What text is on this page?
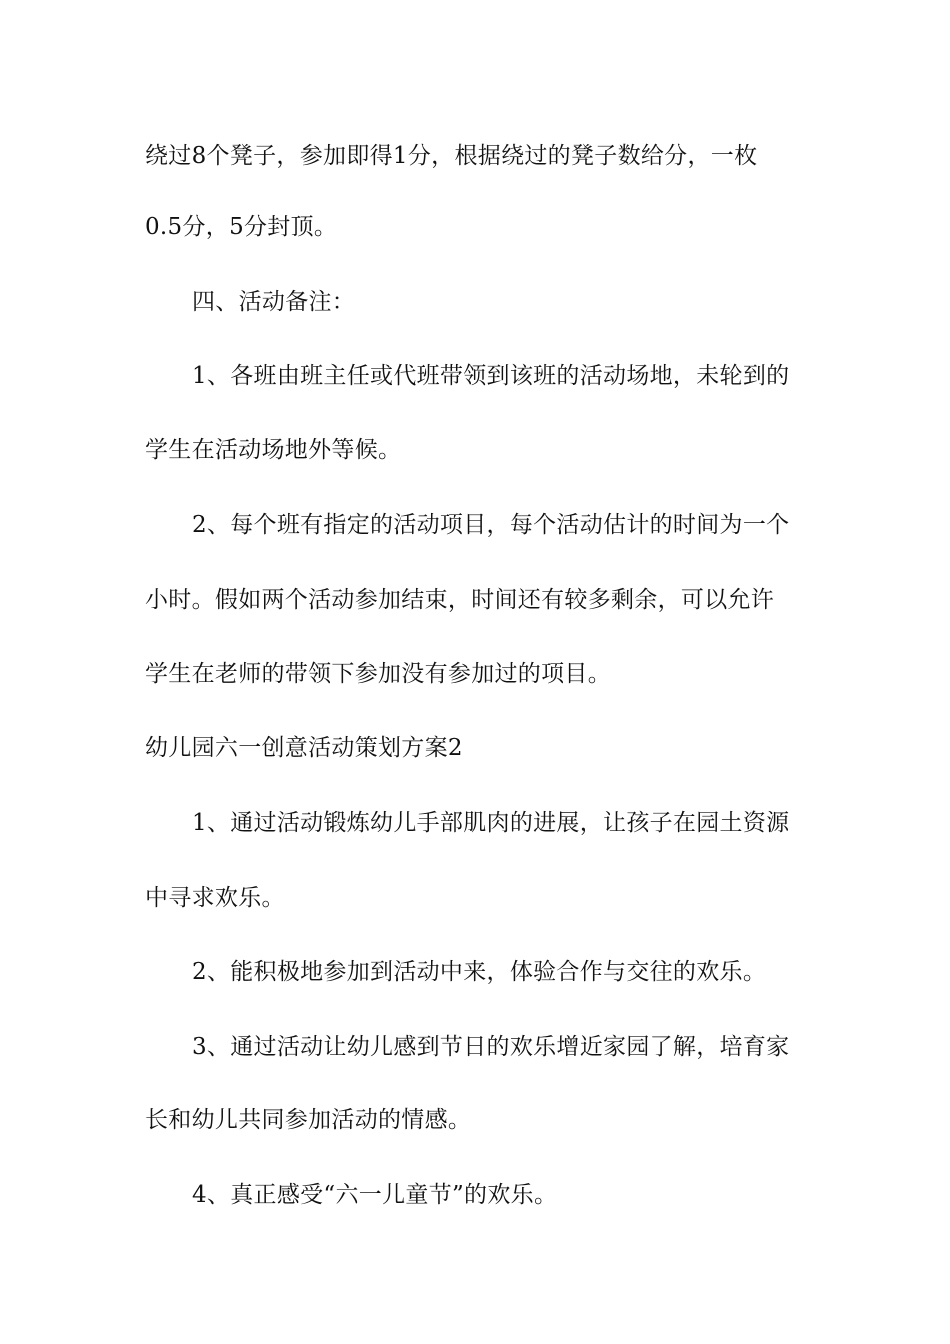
绕过8个凳子，参加即得1分，根据绕过的凳子数给分，一枚
0.5分，5分封顶。
四、活动备注：
1、各班由班主任或代班带领到该班的活动场地，未轮到的
学生在活动场地外等候。
2、每个班有指定的活动项目，每个活动估计的时间为一个
小时。假如两个活动参加结束，时间还有较多剩余，可以允许
学生在老师的带领下参加没有参加过的项目。
幼儿园六一创意活动策划方案2
1、通过活动锻炼幼儿手部肌肉的进展，让孩子在园土资源
中寻求欢乐。
2、能积极地参加到活动中来，体验合作与交往的欢乐。
3、通过活动让幼儿感到节日的欢乐增近家园了解，培育家
长和幼儿共同参加活动的情感。
4、真正感受“六一儿童节”的欢乐。
